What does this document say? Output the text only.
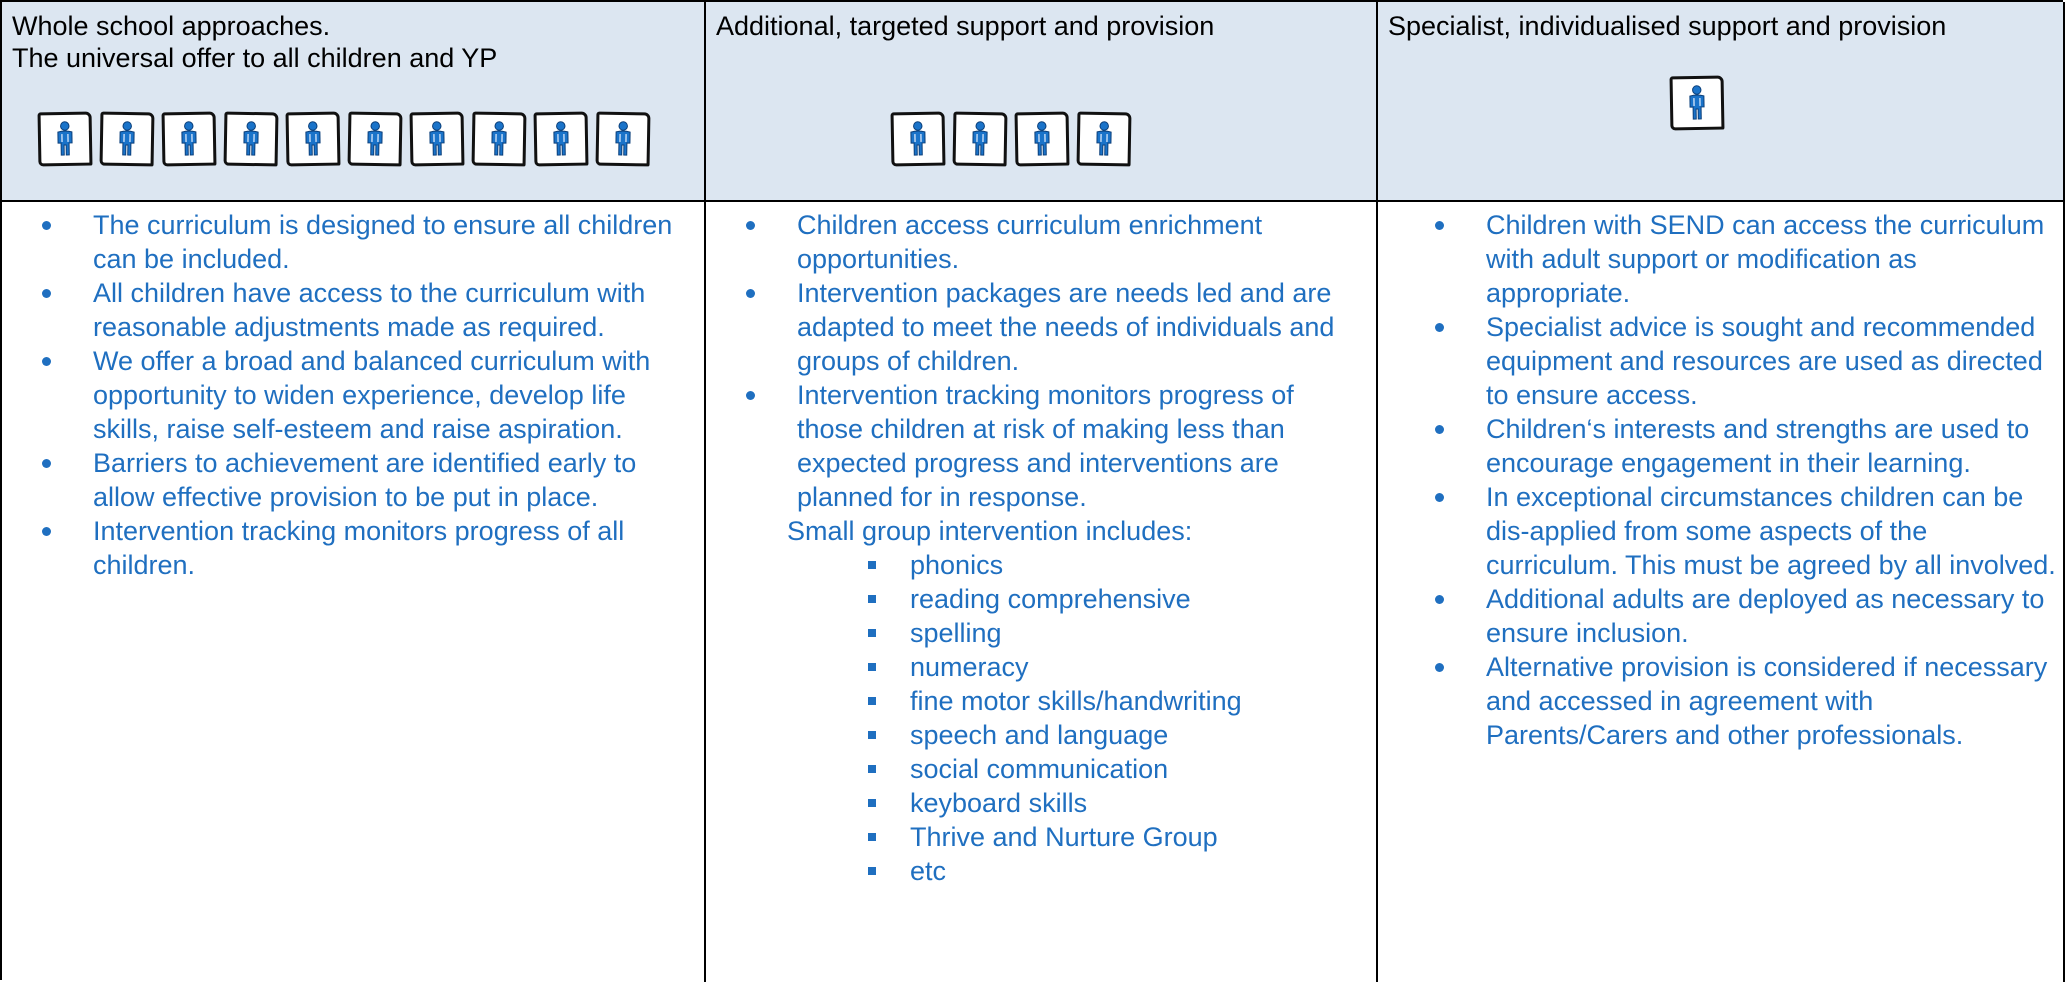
Whole school approaches.
The universal offer to all children and YP
The curriculum is designed to ensure all children can be included.
All children have access to the curriculum with reasonable adjustments made as required.
We offer a broad and balanced curriculum with opportunity to widen experience, develop life skills, raise self-esteem and raise aspiration.
Barriers to achievement are identified early to allow effective provision to be put in place.
Intervention tracking monitors progress of all children.
Additional, targeted support and provision
Children access curriculum enrichment opportunities.
Intervention packages are needs led and are adapted to meet the needs of individuals and groups of children.
Intervention tracking monitors progress of those children at risk of making less than expected progress and interventions are planned for in response.
Small group intervention includes:
phonics
reading comprehensive
spelling
numeracy
fine motor skills/handwriting
speech and language
social communication
keyboard skills
Thrive and Nurture Group
etc
Specialist, individualised support and provision
Children with SEND can access the curriculum with adult support or modification as appropriate.
Specialist advice is sought and recommended equipment and resources are used as directed to ensure access.
Children‘s interests and strengths are used to encourage engagement in their learning.
In exceptional circumstances children can be dis-applied from some aspects of the curriculum. This must be agreed by all involved.
Additional adults are deployed as necessary to ensure inclusion.
Alternative provision is considered if necessary and accessed in agreement with Parents/Carers and other professionals.
